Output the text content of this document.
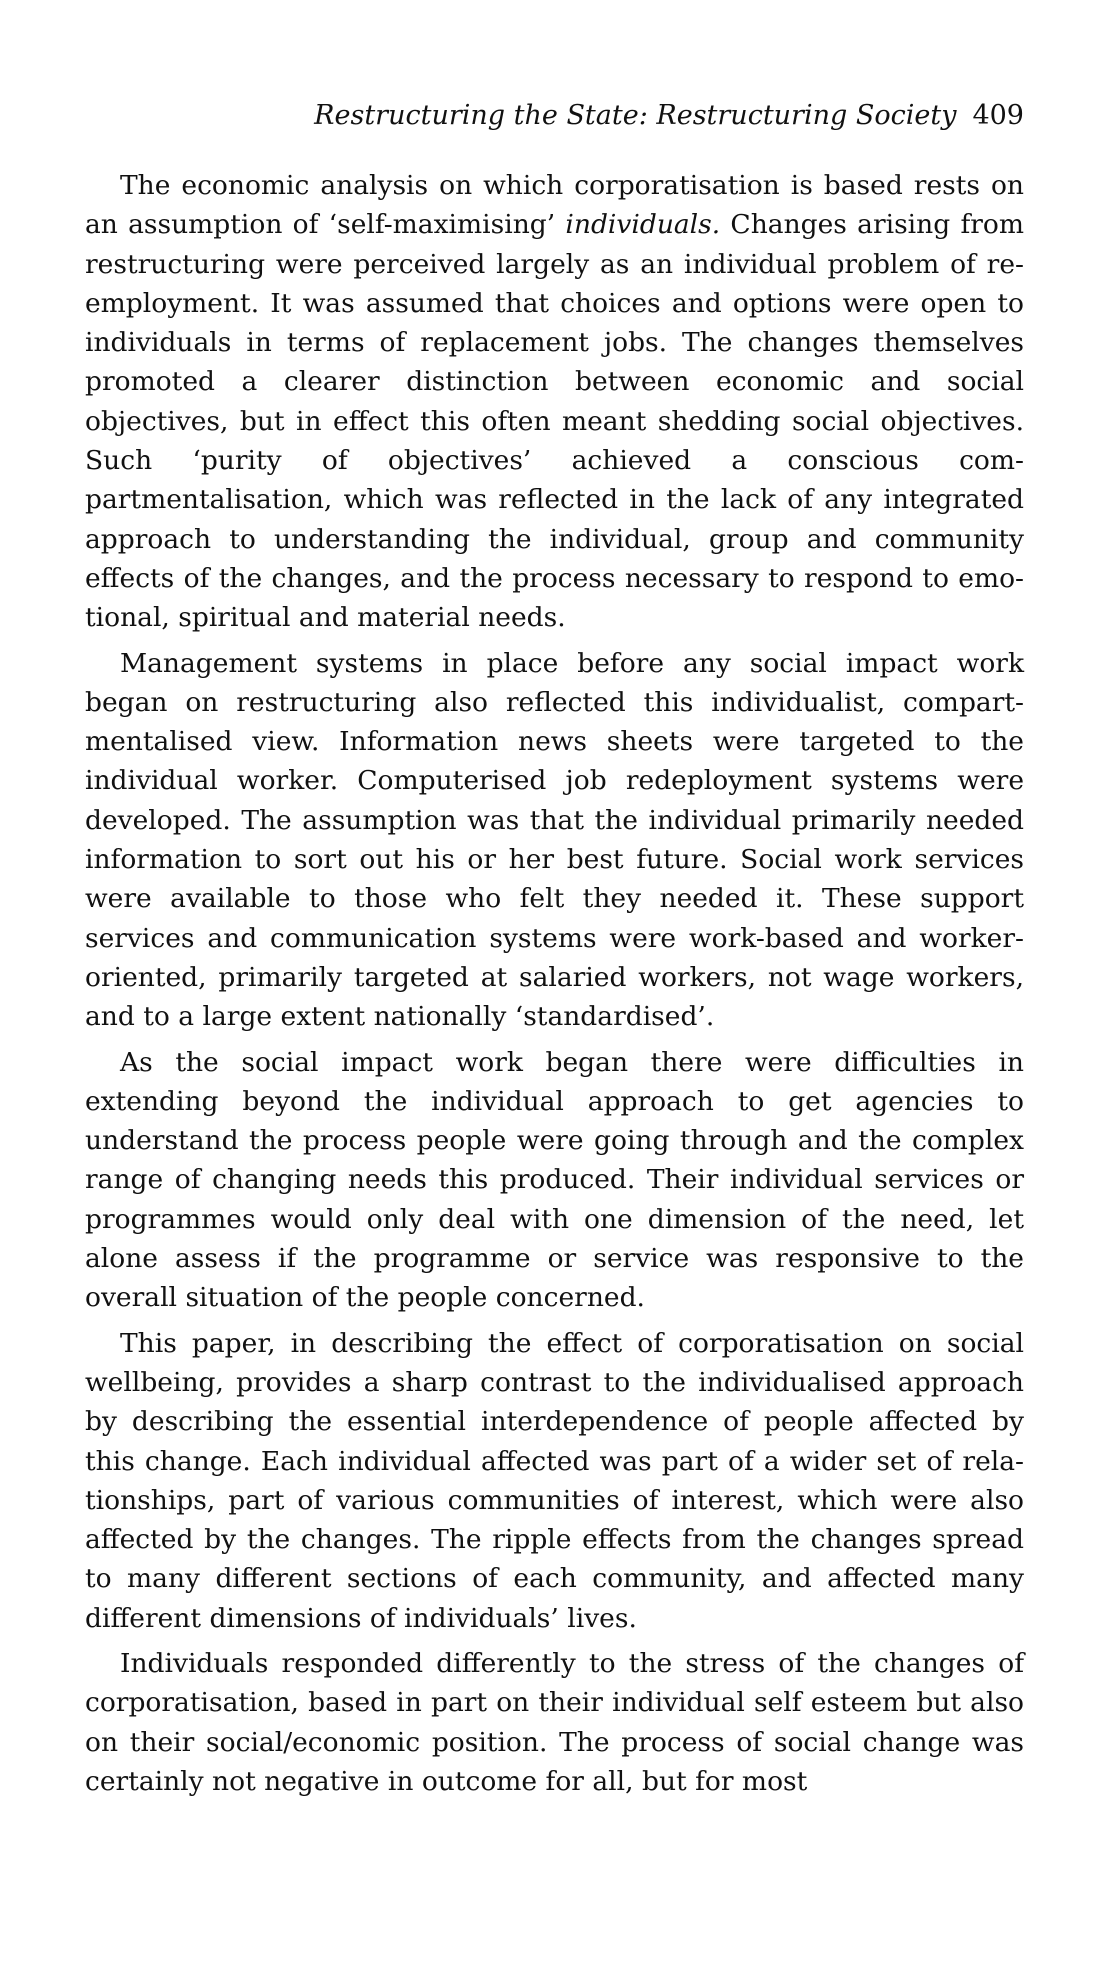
Restructuring the State: Restructuring Society 409

The economic analysis on which corporatisation is based rests on an assumption of ‘self-maximising’ individuals. Changes arising from restructuring were perceived largely as an individual problem of re-employment. It was assumed that choices and options were open to individuals in terms of replacement jobs. The changes themselves promoted a clearer distinction between economic and social objectives, but in effect this often meant shedding social objectives. Such ‘purity of objectives’ achieved a conscious compartmentalisation, which was reflected in the lack of any integrated approach to understanding the individual, group and community effects of the changes, and the process necessary to respond to emotional, spiritual and material needs.

Management systems in place before any social impact work began on restructuring also reflected this individualist, compartmentalised view. Information news sheets were targeted to the individual worker. Computerised job redeployment systems were developed. The assumption was that the individual primarily needed information to sort out his or her best future. Social work services were available to those who felt they needed it. These support services and communication systems were work-based and worker-oriented, primarily targeted at salaried workers, not wage workers, and to a large extent nationally ‘standardised’.

As the social impact work began there were difficulties in extending beyond the individual approach to get agencies to understand the process people were going through and the complex range of changing needs this produced. Their individual services or programmes would only deal with one dimension of the need, let alone assess if the programme or service was responsive to the overall situation of the people concerned.

This paper, in describing the effect of corporatisation on social wellbeing, provides a sharp contrast to the individualised approach by describing the essential interdependence of people affected by this change. Each individual affected was part of a wider set of relationships, part of various communities of interest, which were also affected by the changes. The ripple effects from the changes spread to many different sections of each community, and affected many different dimensions of individuals’ lives.

Individuals responded differently to the stress of the changes of corporatisation, based in part on their individual self esteem but also on their social/economic position. The process of social change was certainly not negative in outcome for all, but for most
